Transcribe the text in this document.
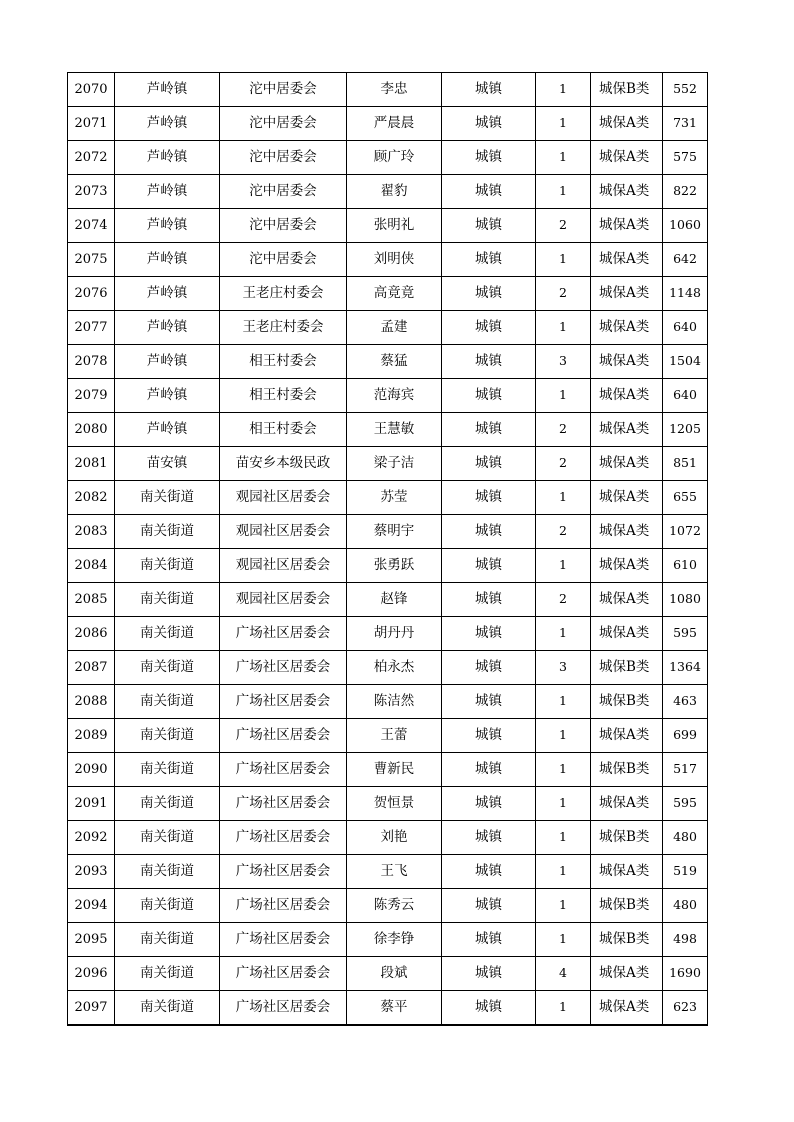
2070	芦岭镇	沱中居委会	李忠	城镇	1	城保B类	552
2071	芦岭镇	沱中居委会	严晨晨	城镇	1	城保A类	731
2072	芦岭镇	沱中居委会	顾广玲	城镇	1	城保A类	575
2073	芦岭镇	沱中居委会	翟豹	城镇	1	城保A类	822
2074	芦岭镇	沱中居委会	张明礼	城镇	2	城保A类	1060
2075	芦岭镇	沱中居委会	刘明侠	城镇	1	城保A类	642
2076	芦岭镇	王老庄村委会	高竟竟	城镇	2	城保A类	1148
2077	芦岭镇	王老庄村委会	孟建	城镇	1	城保A类	640
2078	芦岭镇	相王村委会	蔡猛	城镇	3	城保A类	1504
2079	芦岭镇	相王村委会	范海宾	城镇	1	城保A类	640
2080	芦岭镇	相王村委会	王慧敏	城镇	2	城保A类	1205
2081	苗安镇	苗安乡本级民政	梁子洁	城镇	2	城保A类	851
2082	南关街道	观园社区居委会	苏莹	城镇	1	城保A类	655
2083	南关街道	观园社区居委会	蔡明宇	城镇	2	城保A类	1072
2084	南关街道	观园社区居委会	张勇跃	城镇	1	城保A类	610
2085	南关街道	观园社区居委会	赵锋	城镇	2	城保A类	1080
2086	南关街道	广场社区居委会	胡丹丹	城镇	1	城保A类	595
2087	南关街道	广场社区居委会	柏永杰	城镇	3	城保B类	1364
2088	南关街道	广场社区居委会	陈洁然	城镇	1	城保B类	463
2089	南关街道	广场社区居委会	王蕾	城镇	1	城保A类	699
2090	南关街道	广场社区居委会	曹新民	城镇	1	城保B类	517
2091	南关街道	广场社区居委会	贺恒景	城镇	1	城保A类	595
2092	南关街道	广场社区居委会	刘艳	城镇	1	城保B类	480
2093	南关街道	广场社区居委会	王飞	城镇	1	城保A类	519
2094	南关街道	广场社区居委会	陈秀云	城镇	1	城保B类	480
2095	南关街道	广场社区居委会	徐李铮	城镇	1	城保B类	498
2096	南关街道	广场社区居委会	段斌	城镇	4	城保A类	1690
2097	南关街道	广场社区居委会	蔡平	城镇	1	城保A类	623
